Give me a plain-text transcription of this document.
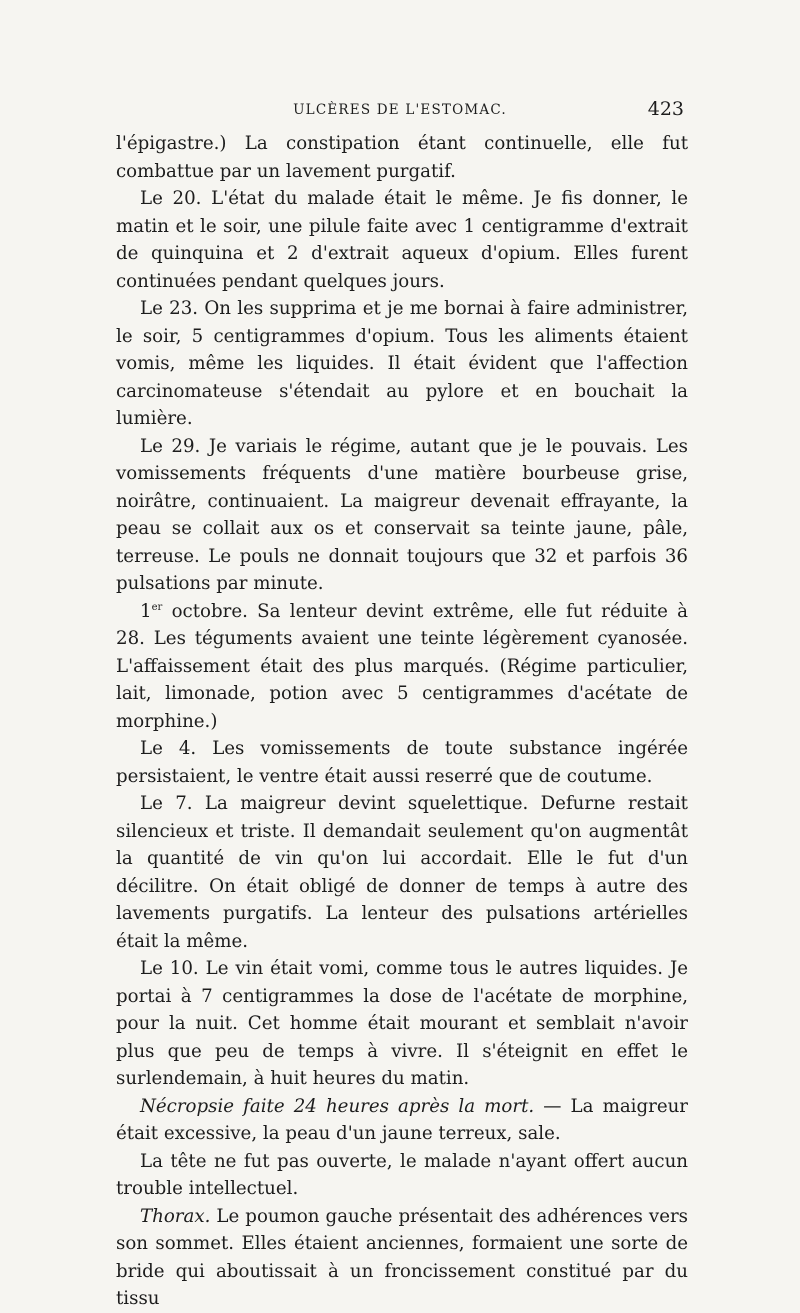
ULCÈRES DE L'ESTOMAC.	423

l'épigastre.) La constipation étant continuelle, elle fut combattue par un lavement purgatif.

Le 20. L'état du malade était le même. Je fis donner, le matin et le soir, une pilule faite avec 1 centigramme d'extrait de quinquina et 2 d'extrait aqueux d'opium. Elles furent continuées pendant quelques jours.

Le 23. On les supprima et je me bornai à faire administrer, le soir, 5 centigrammes d'opium. Tous les aliments étaient vomis, même les liquides. Il était évident que l'affection carcinomateuse s'étendait au pylore et en bouchait la lumière.

Le 29. Je variais le régime, autant que je le pouvais. Les vomissements fréquents d'une matière bourbeuse grise, noirâtre, continuaient. La maigreur devenait effrayante, la peau se collait aux os et conservait sa teinte jaune, pâle, terreuse. Le pouls ne donnait toujours que 32 et parfois 36 pulsations par minute.

1er octobre. Sa lenteur devint extrême, elle fut réduite à 28. Les téguments avaient une teinte légèrement cyanosée. L'affaissement était des plus marqués. (Régime particulier, lait, limonade, potion avec 5 centigrammes d'acétate de morphine.)

Le 4. Les vomissements de toute substance ingérée persistaient, le ventre était aussi reserré que de coutume.

Le 7. La maigreur devint squelettique. Defurne restait silencieux et triste. Il demandait seulement qu'on augmentât la quantité de vin qu'on lui accordait. Elle le fut d'un décilitre. On était obligé de donner de temps à autre des lavements purgatifs. La lenteur des pulsations artérielles était la même.

Le 10. Le vin était vomi, comme tous le autres liquides. Je portai à 7 centigrammes la dose de l'acétate de morphine, pour la nuit. Cet homme était mourant et semblait n'avoir plus que peu de temps à vivre. Il s'éteignit en effet le surlendemain, à huit heures du matin.

Nécropsie faite 24 heures après la mort. — La maigreur était excessive, la peau d'un jaune terreux, sale.

La tête ne fut pas ouverte, le malade n'ayant offert aucun trouble intellectuel.

Thorax. Le poumon gauche présentait des adhérences vers son sommet. Elles étaient anciennes, formaient une sorte de bride qui aboutissait à un froncissement constitué par du tissu
